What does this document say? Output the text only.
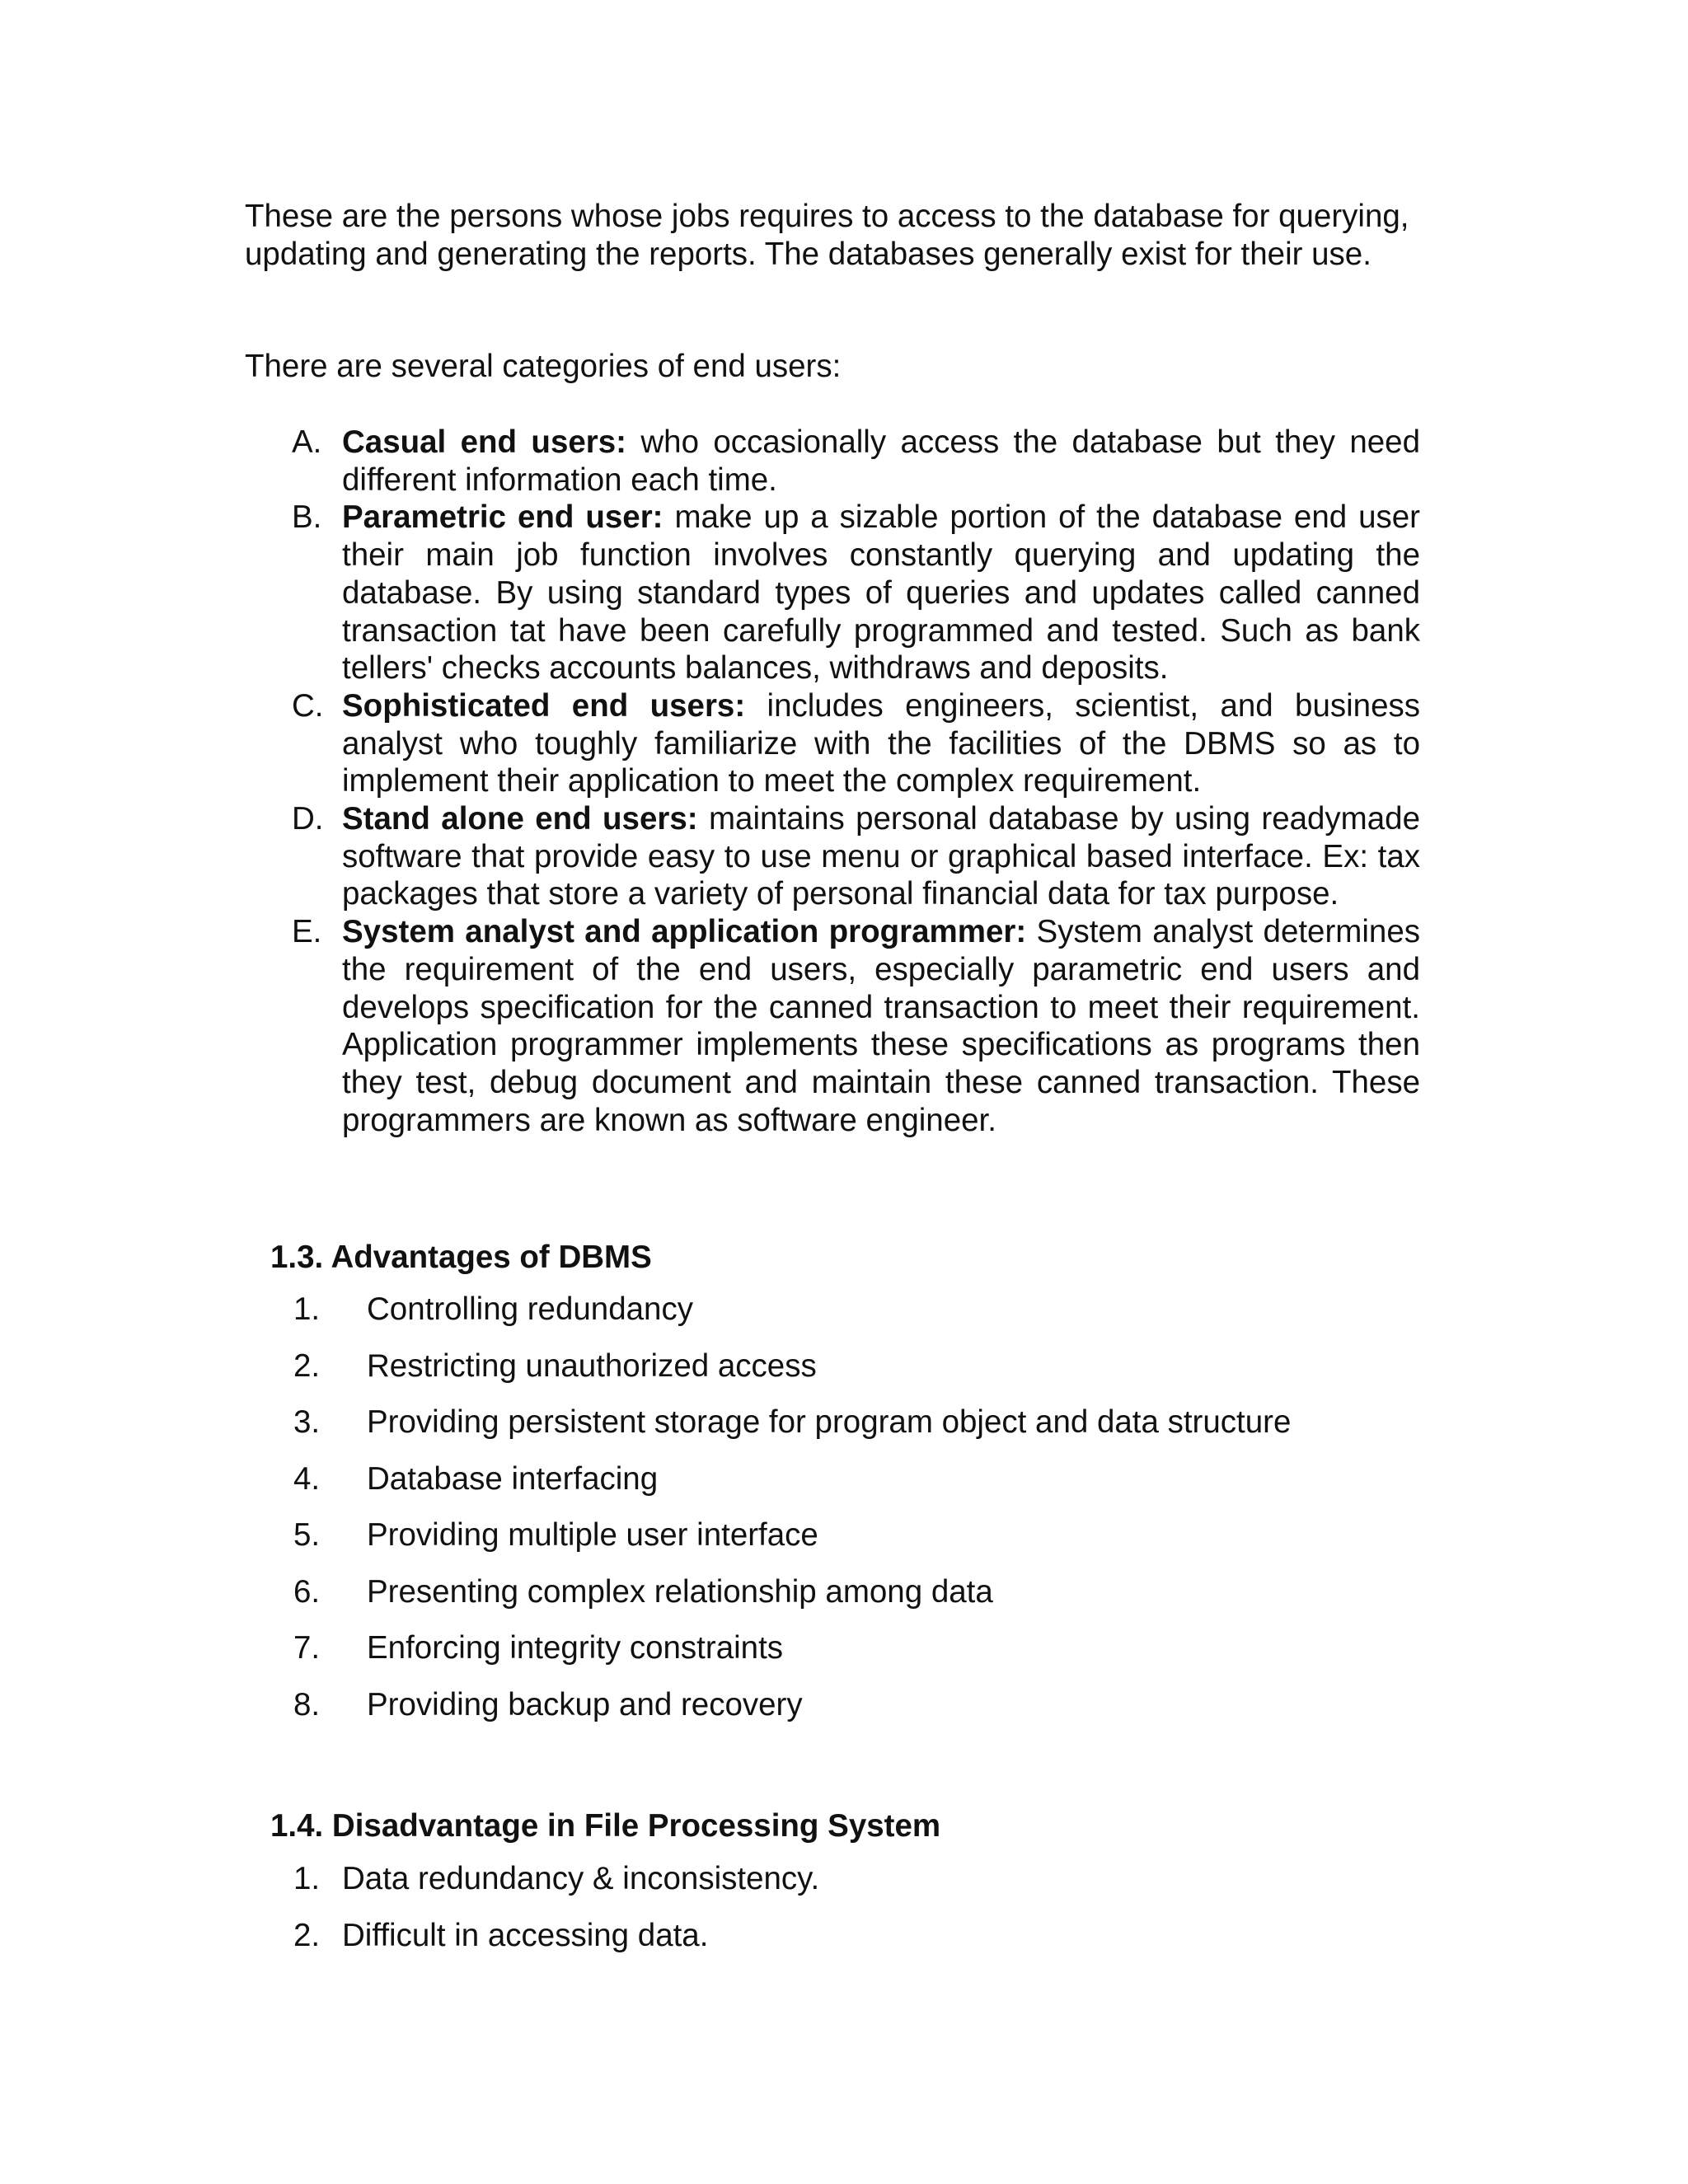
These are the persons whose jobs requires to access to the database for querying, updating and generating the reports. The databases generally exist for their use.

There are several categories of end users:

A. Casual end users: who occasionally access the database but they need different information each time.
B. Parametric end user: make up a sizable portion of the database end user their main job function involves constantly querying and updating the database. By using standard types of queries and updates called canned transaction tat have been carefully programmed and tested. Such as bank tellers' checks accounts balances, withdraws and deposits.
C. Sophisticated end users: includes engineers, scientist, and business analyst who toughly familiarize with the facilities of the DBMS so as to implement their application to meet the complex requirement.
D. Stand alone end users: maintains personal database by using readymade software that provide easy to use menu or graphical based interface. Ex: tax packages that store a variety of personal financial data for tax purpose.
E. System analyst and application programmer: System analyst determines the requirement of the end users, especially parametric end users and develops specification for the canned transaction to meet their requirement. Application programmer implements these specifications as programs then they test, debug document and maintain these canned transaction. These programmers are known as software engineer.
1.3. Advantages of DBMS
1. Controlling redundancy
2. Restricting unauthorized access
3. Providing persistent storage for program object and data structure
4. Database interfacing
5. Providing multiple user interface
6. Presenting complex relationship among data
7. Enforcing integrity constraints
8. Providing backup and recovery
1.4. Disadvantage in File Processing System
1. Data redundancy & inconsistency.
2. Difficult in accessing data.
